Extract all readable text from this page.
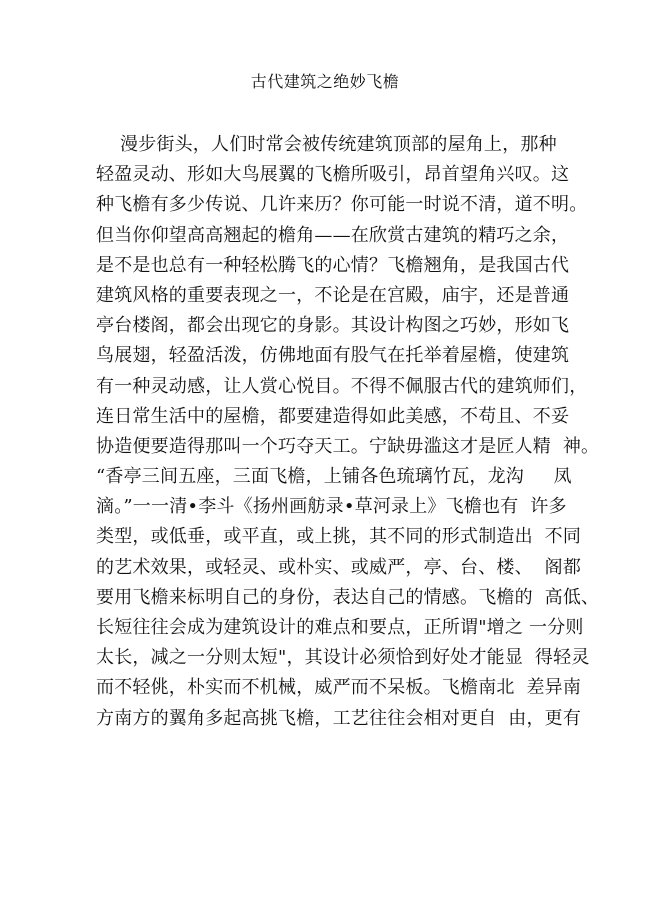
古代建筑之绝妙飞檐
漫步街头，人们时常会被传统建筑顶部的屋角上，那种
轻盈灵动、形如大鸟展翼的飞檐所吸引，昂首望角兴叹。这
种飞檐有多少传说、几许来历？你可能一时说不清，道不明。
但当你仰望高高翘起的檐角——在欣赏古建筑的精巧之余，
是不是也总有一种轻松腾飞的心情？飞檐翘角，是我国古代
建筑风格的重要表现之一，不论是在宫殿，庙宇，还是普通
亭台楼阁，都会出现它的身影。其设计构图之巧妙，形如飞
鸟展翅，轻盈活泼，仿佛地面有股气在托举着屋檐，使建筑
有一种灵动感，让人赏心悦目。不得不佩服古代的建筑师们，
连日常生活中的屋檐，都要建造得如此美感，不苟且、不妥
协造便要造得那叫一个巧夺天工。宁缺毋滥这才是匠人精  神。
“香亭三间五座，三面飞檐，上铺各色琉璃竹瓦，龙沟     凤
滴。”一一清•李斗《扬州画舫录•草河录上》飞檐也有  许多
类型，或低垂，或平直，或上挑，其不同的形式制造出  不同
的艺术效果，或轻灵、或朴实、或威严，亭、台、楼、  阁都
要用飞檐来标明自己的身份，表达自己的情感。飞檐的  高低、
长短往往会成为建筑设计的难点和要点，正所谓"增之 一分则
太长，减之一分则太短"，其设计必须恰到好处才能显  得轻灵
而不轻佻，朴实而不机械，威严而不呆板。飞檐南北  差异南
方南方的翼角多起高挑飞檐，工艺往往会相对更自  由，更有
